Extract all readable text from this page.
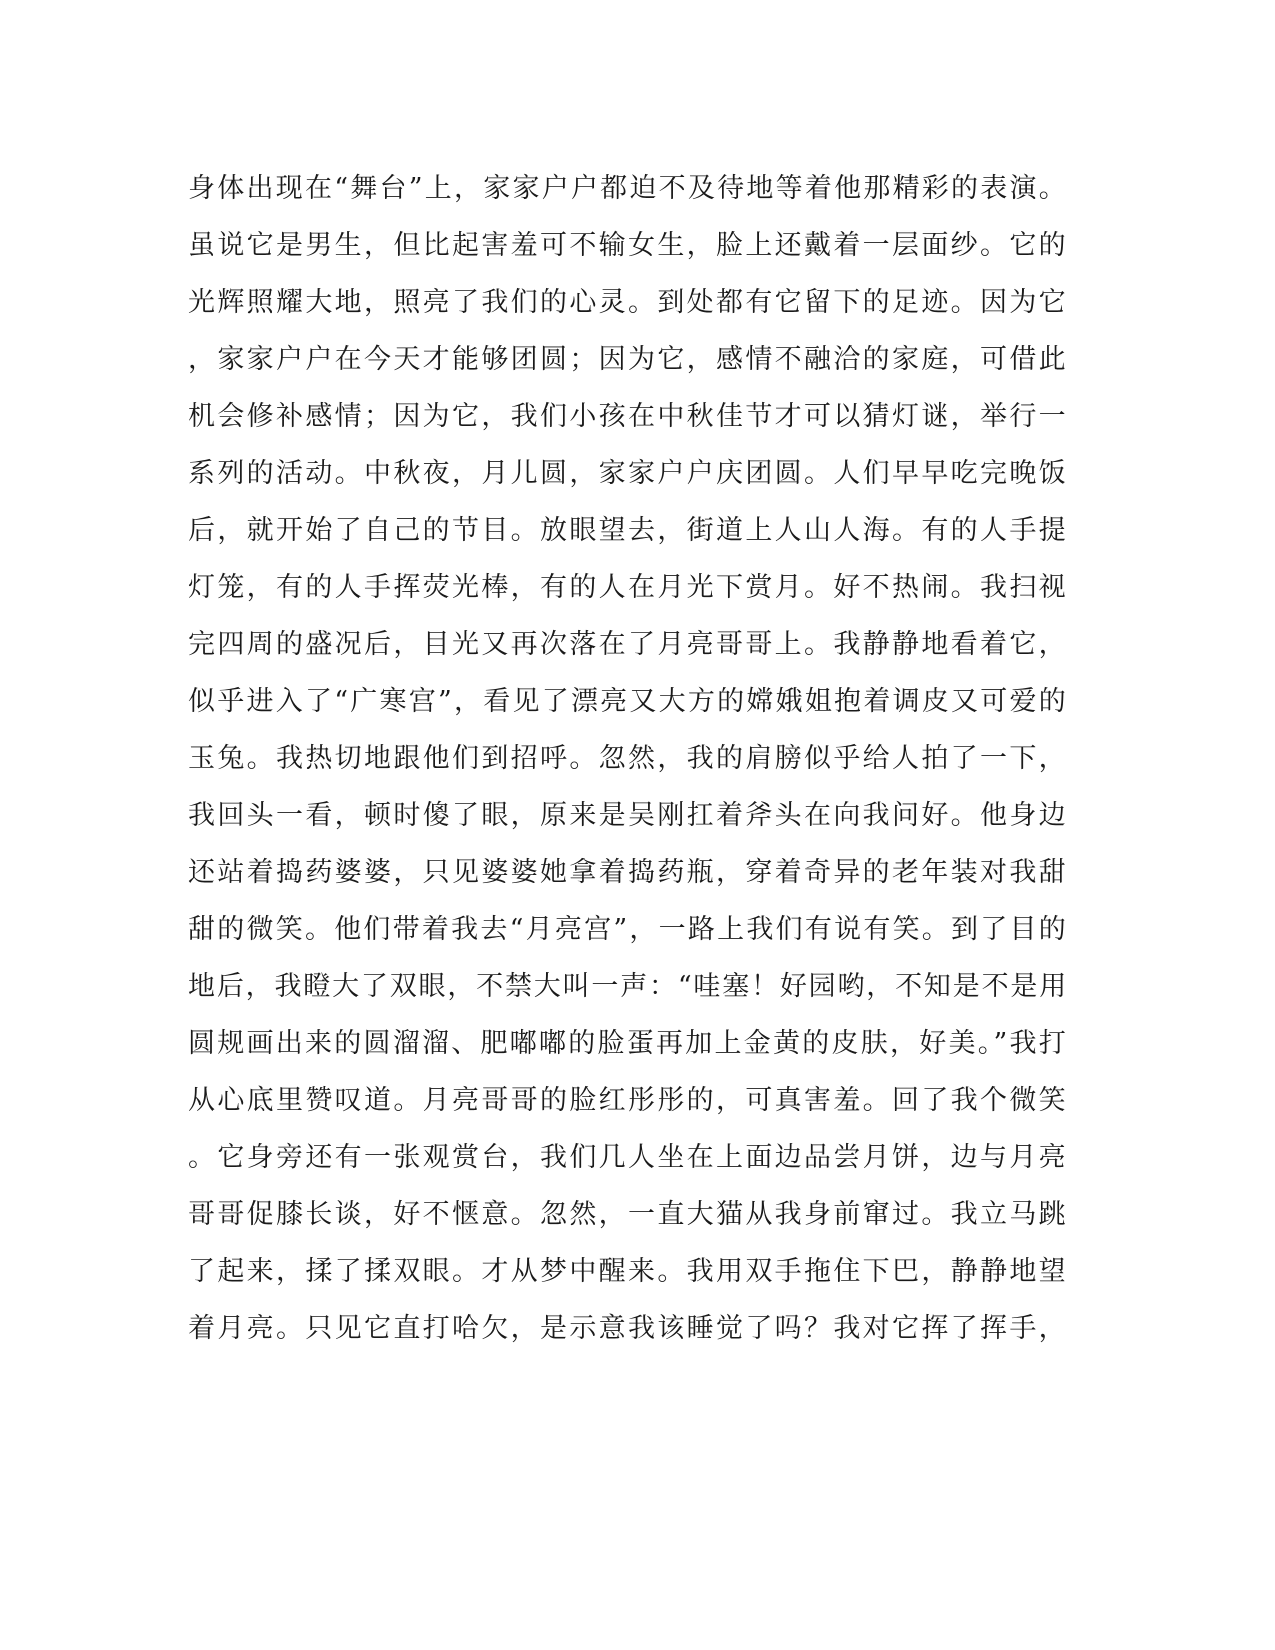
身体出现在“舞台”上，家家户户都迫不及待地等着他那精彩的表演。
虽说它是男生，但比起害羞可不输女生，脸上还戴着一层面纱。它的
光辉照耀大地，照亮了我们的心灵。到处都有它留下的足迹。因为它
，家家户户在今天才能够团圆；因为它，感情不融洽的家庭，可借此
机会修补感情；因为它，我们小孩在中秋佳节才可以猜灯谜，举行一
系列的活动。中秋夜，月儿圆，家家户户庆团圆。人们早早吃完晚饭
后，就开始了自己的节目。放眼望去，街道上人山人海。有的人手提
灯笼，有的人手挥荧光棒，有的人在月光下赏月。好不热闹。我扫视
完四周的盛况后，目光又再次落在了月亮哥哥上。我静静地看着它，
似乎进入了“广寒宫”，看见了漂亮又大方的嫦娥姐抱着调皮又可爱的
玉兔。我热切地跟他们到招呼。忽然，我的肩膀似乎给人拍了一下，
我回头一看，顿时傻了眼，原来是吴刚扛着斧头在向我问好。他身边
还站着捣药婆婆，只见婆婆她拿着捣药瓶，穿着奇异的老年装对我甜
甜的微笑。他们带着我去“月亮宫”，一路上我们有说有笑。到了目的
地后，我瞪大了双眼，不禁大叫一声：“哇塞！好园哟，不知是不是用
圆规画出来的圆溜溜、肥嘟嘟的脸蛋再加上金黄的皮肤，好美。”我打
从心底里赞叹道。月亮哥哥的脸红彤彤的，可真害羞。回了我个微笑
。它身旁还有一张观赏台，我们几人坐在上面边品尝月饼，边与月亮
哥哥促膝长谈，好不惬意。忽然，一直大猫从我身前窜过。我立马跳
了起来，揉了揉双眼。才从梦中醒来。我用双手拖住下巴，静静地望
着月亮。只见它直打哈欠，是示意我该睡觉了吗？我对它挥了挥手，
